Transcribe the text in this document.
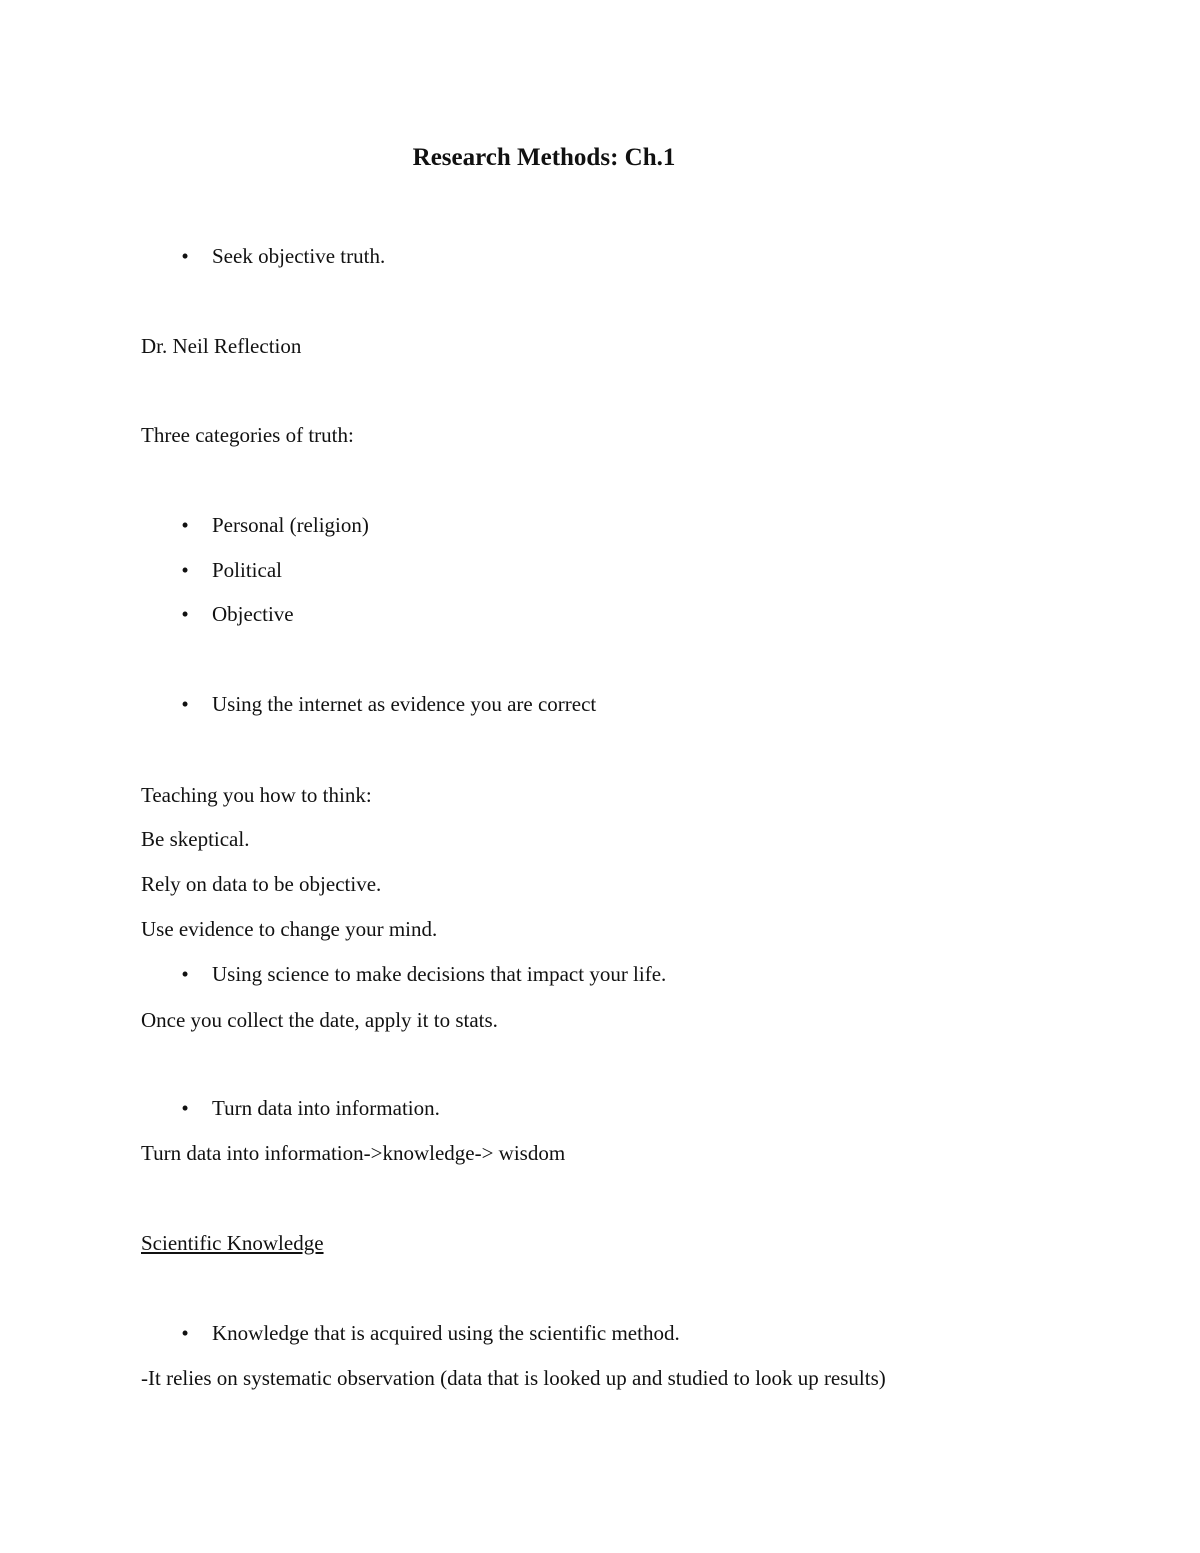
Research Methods: Ch.1
•	Seek objective truth.
Dr. Neil Reflection
Three categories of truth:
•	Personal (religion)
•	Political
•	Objective
•	Using the internet as evidence you are correct
Teaching you how to think:
Be skeptical.
Rely on data to be objective.
Use evidence to change your mind.
•	Using science to make decisions that impact your life.
Once you collect the date, apply it to stats.
•	Turn data into information.
Turn data into information->knowledge-> wisdom
Scientific Knowledge
•	Knowledge that is acquired using the scientific method.
-It relies on systematic observation (data that is looked up and studied to look up results)
